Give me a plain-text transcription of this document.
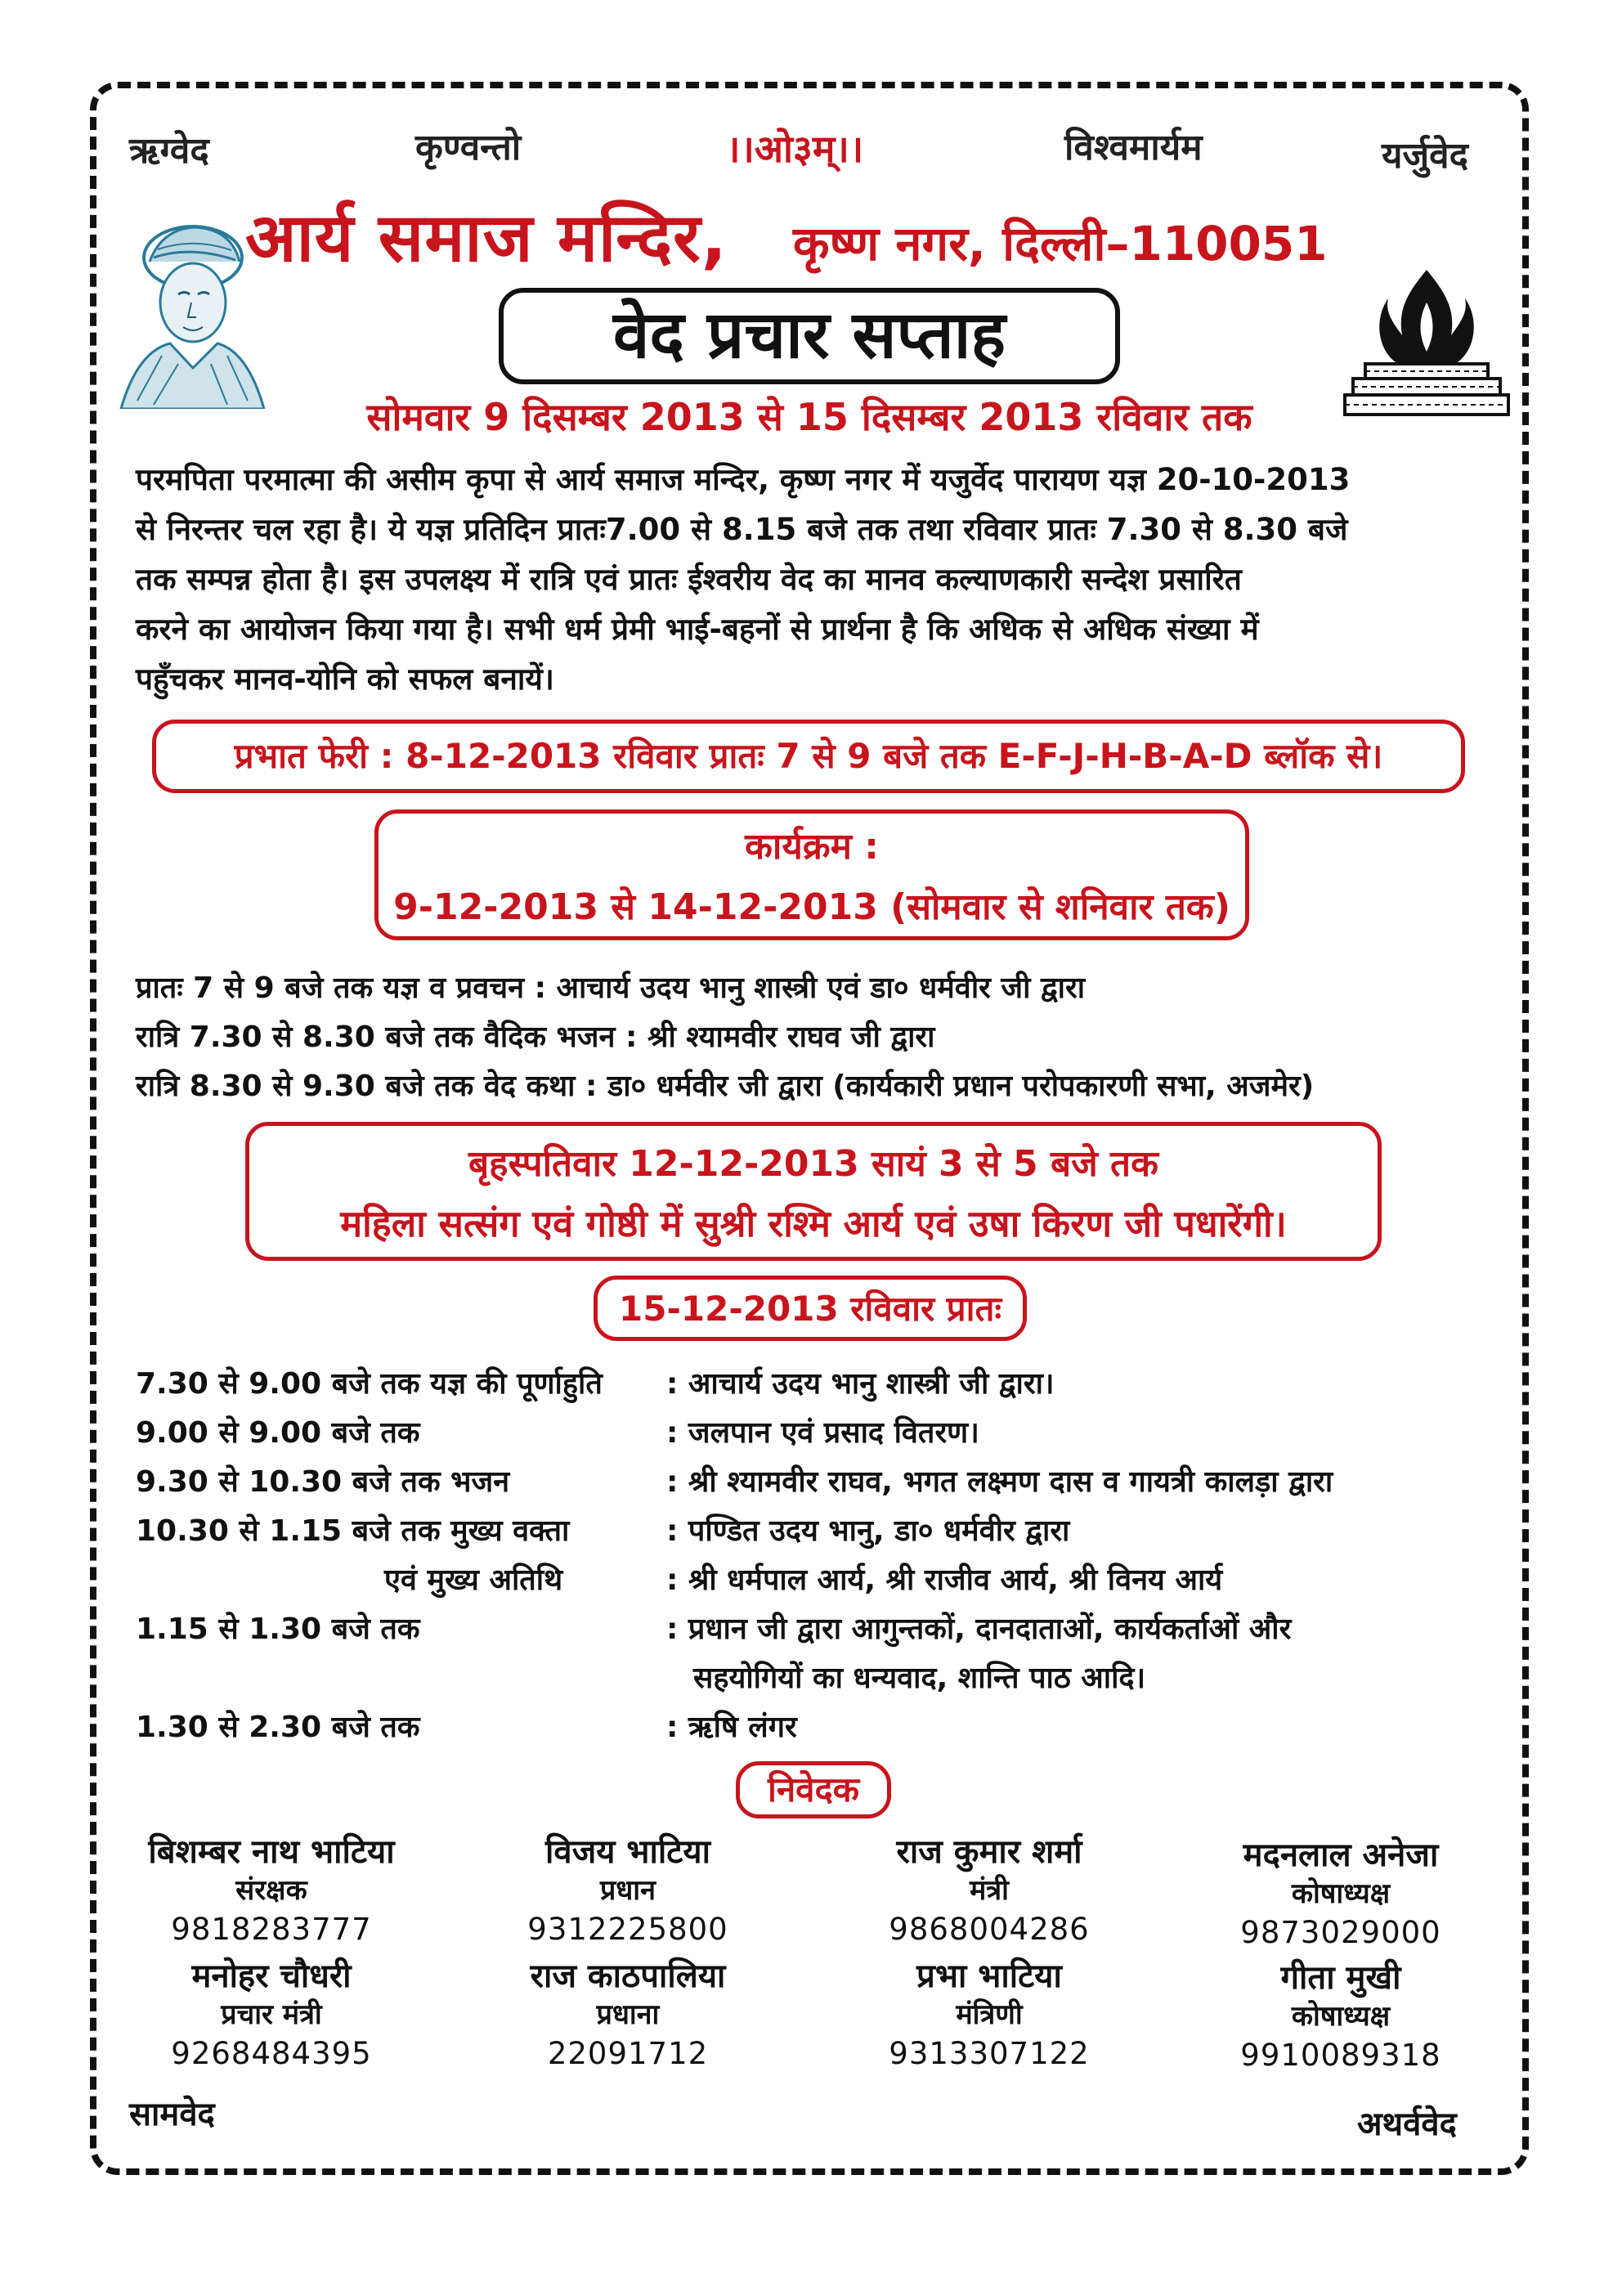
ऋग्वेद	कृण्वन्तो	।।ओ३म्।।	विश्वमार्यम	यर्जुवेद
आर्य समाज मन्दिर, कृष्ण नगर, दिल्ली–110051
वेद प्रचार सप्ताह
सोमवार 9 दिसम्बर 2013 से 15 दिसम्बर 2013 रविवार तक
परमपिता परमात्मा की असीम कृपा से आर्य समाज मन्दिर, कृष्ण नगर में यजुर्वेद पारायण यज्ञ 20-10-2013
से निरन्तर चल रहा है। ये यज्ञ प्रतिदिन प्रातः7.00 से 8.15 बजे तक तथा रविवार प्रातः 7.30 से 8.30 बजे
तक सम्पन्न होता है। इस उपलक्ष्य में रात्रि एवं प्रातः ईश्वरीय वेद का मानव कल्याणकारी सन्देश प्रसारित
करने का आयोजन किया गया है। सभी धर्म प्रेमी भाई-बहनों से प्रार्थना है कि अधिक से अधिक संख्या में
पहुँचकर मानव-योनि को सफल बनायें।
प्रभात फेरी : 8-12-2013 रविवार प्रातः 7 से 9 बजे तक E-F-J-H-B-A-D ब्लॉक से।
कार्यक्रम :
9-12-2013 से 14-12-2013 (सोमवार से शनिवार तक)
प्रातः 7 से 9 बजे तक यज्ञ व प्रवचन : आचार्य उदय भानु शास्त्री एवं डा० धर्मवीर जी द्वारा
रात्रि 7.30 से 8.30 बजे तक वैदिक भजन : श्री श्यामवीर राघव जी द्वारा
रात्रि 8.30 से 9.30 बजे तक वेद कथा : डा० धर्मवीर जी द्वारा (कार्यकारी प्रधान परोपकारणी सभा, अजमेर)
बृहस्पतिवार 12-12-2013 सायं 3 से 5 बजे तक
महिला सत्संग एवं गोष्ठी में सुश्री रश्मि आर्य एवं उषा किरण जी पधारेंगी।
15-12-2013 रविवार प्रातः
7.30 से 9.00 बजे तक यज्ञ की पूर्णाहुति : आचार्य उदय भानु शास्त्री जी द्वारा।
9.00 से 9.00 बजे तक	: जलपान एवं प्रसाद वितरण।
9.30 से 10.30 बजे तक भजन	: श्री श्यामवीर राघव, भगत लक्ष्मण दास व गायत्री कालड़ा द्वारा
10.30 से 1.15 बजे तक मुख्य वक्ता	: पण्डित उदय भानु, डा० धर्मवीर द्वारा
एवं मुख्य अतिथि	: श्री धर्मपाल आर्य, श्री राजीव आर्य, श्री विनय आर्य
1.15 से 1.30 बजे तक	: प्रधान जी द्वारा आगुन्तकों, दानदाताओं, कार्यकर्ताओं और
सहयोगियों का धन्यवाद, शान्ति पाठ आदि।
1.30 से 2.30 बजे तक	: ऋषि लंगर
निवेदक
बिशम्बर नाथ भाटिया
संरक्षक
9818283777
विजय भाटिया
प्रधान
9312225800
राज कुमार शर्मा
मंत्री
9868004286
मदनलाल अनेजा
कोषाध्यक्ष
9873029000
मनोहर चौधरी
प्रचार मंत्री
9268484395
राज काठपालिया
प्रधाना
22091712
प्रभा भाटिया
मंत्रिणी
9313307122
गीता मुखी
कोषाध्यक्ष
9910089318
सामवेद	अथर्ववेद
